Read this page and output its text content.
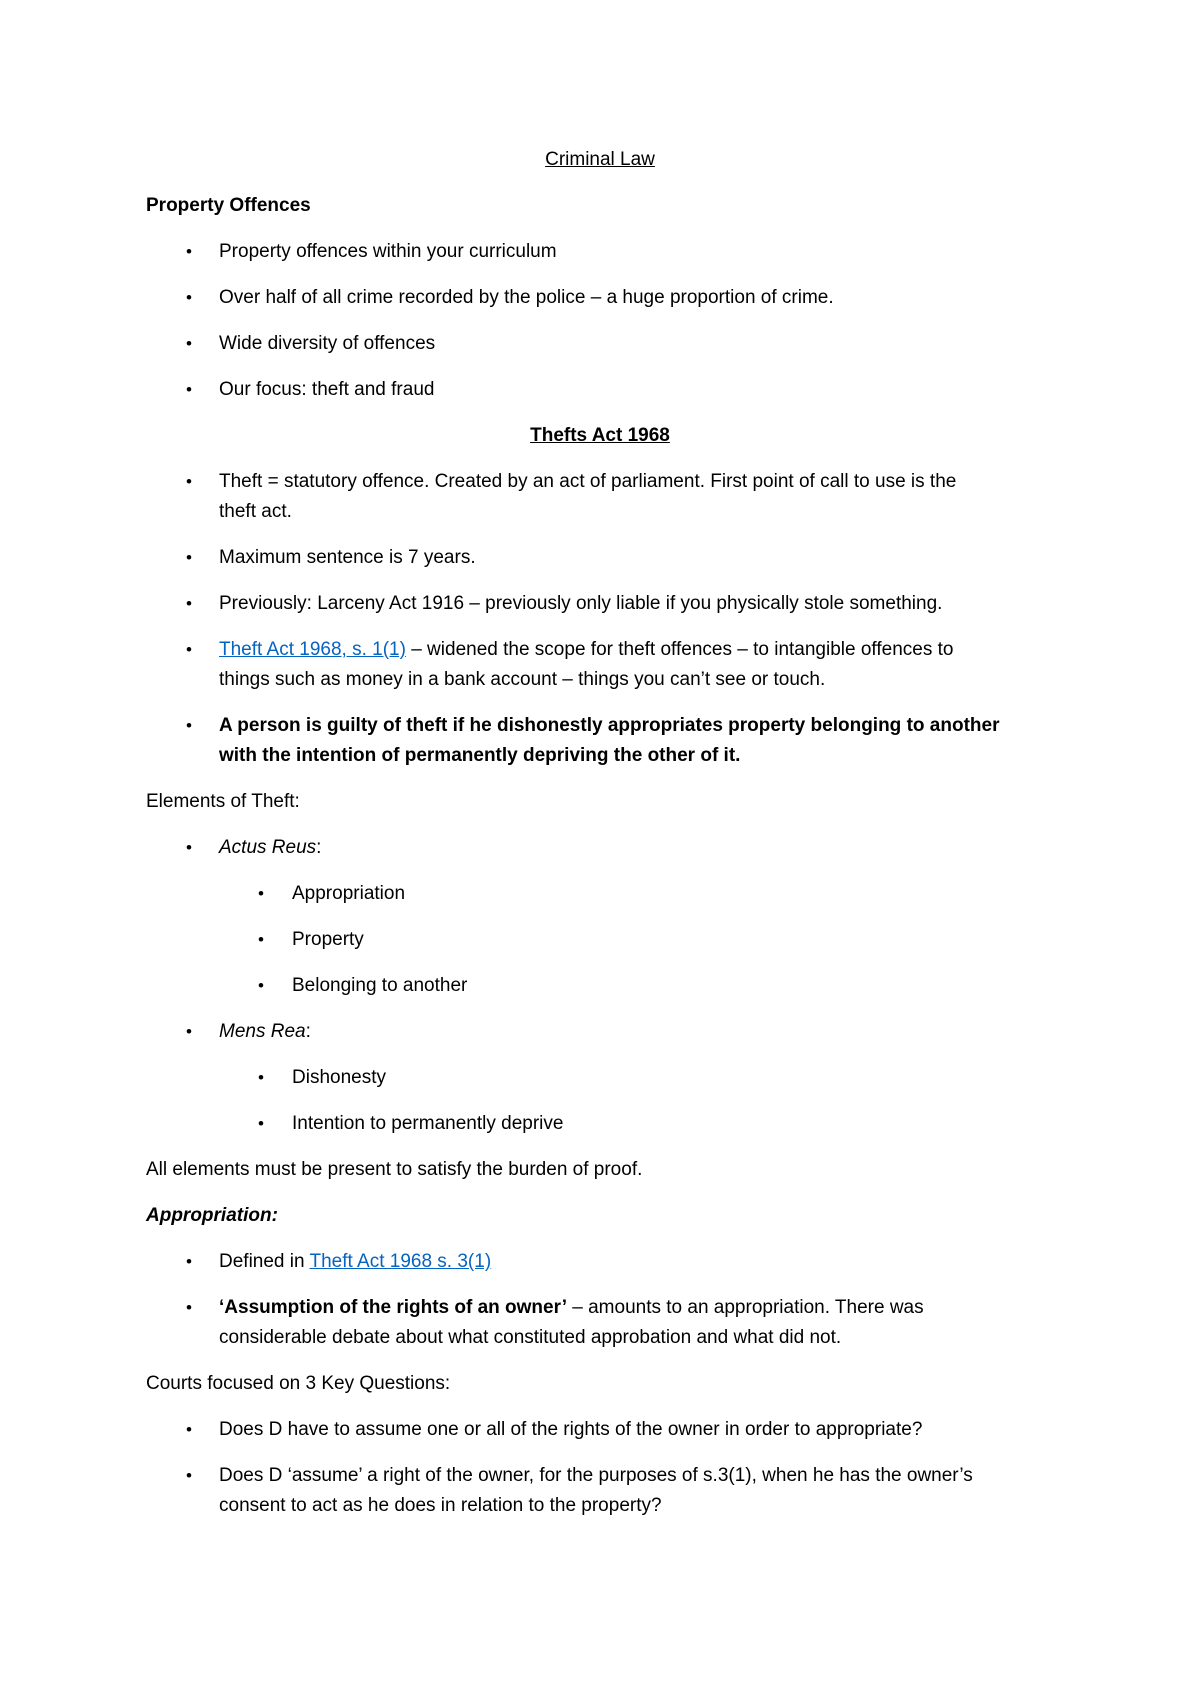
Criminal Law
Property Offences
• Property offences within your curriculum
• Over half of all crime recorded by the police – a huge proportion of crime.
• Wide diversity of offences
• Our focus: theft and fraud
Thefts Act 1968
• Theft = statutory offence. Created by an act of parliament. First point of call to use is the
theft act.
• Maximum sentence is 7 years.
• Previously: Larceny Act 1916 – previously only liable if you physically stole something.
• Theft Act 1968, s. 1(1) – widened the scope for theft offences – to intangible offences to
things such as money in a bank account – things you can’t see or touch.
• A person is guilty of theft if he dishonestly appropriates property belonging to another
with the intention of permanently depriving the other of it.
Elements of Theft:
• Actus Reus:
• Appropriation
• Property
• Belonging to another
• Mens Rea:
• Dishonesty
• Intention to permanently deprive
All elements must be present to satisfy the burden of proof.
Appropriation:
• Defined in Theft Act 1968 s. 3(1)
• ‘Assumption of the rights of an owner’ – amounts to an appropriation. There was
considerable debate about what constituted approbation and what did not.
Courts focused on 3 Key Questions:
• Does D have to assume one or all of the rights of the owner in order to appropriate?
• Does D ‘assume’ a right of the owner, for the purposes of s.3(1), when he has the owner’s
consent to act as he does in relation to the property?
